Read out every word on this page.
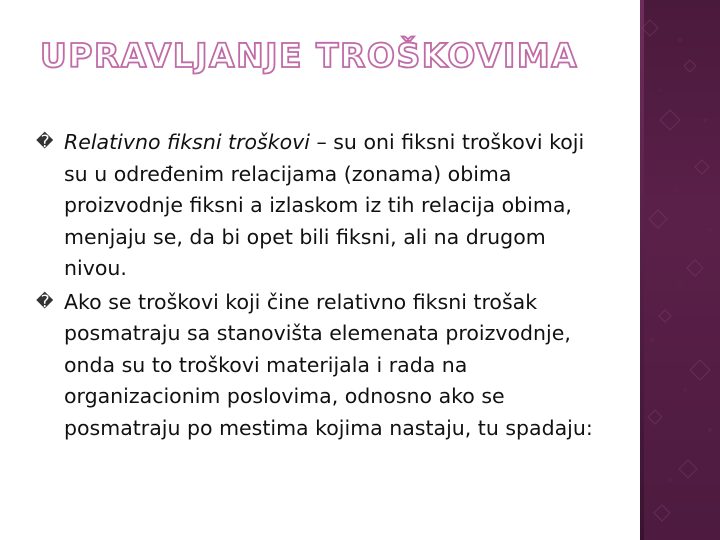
UPRAVLJANJE TROŠKOVIMA
� Relativno fiksni troškovi – su oni fiksni troškovi koji su u određenim relacijama (zonama) obima proizvodnje fiksni a izlaskom iz tih relacija obima, menjaju se, da bi opet bili fiksni, ali na drugom nivou.
� Ako se troškovi koji čine relativno fiksni trošak posmatraju sa stanovišta elemenata proizvodnje, onda su to troškovi materijala i rada na organizacionim poslovima, odnosno ako se posmatraju po mestima kojima nastaju, tu spadaju:
